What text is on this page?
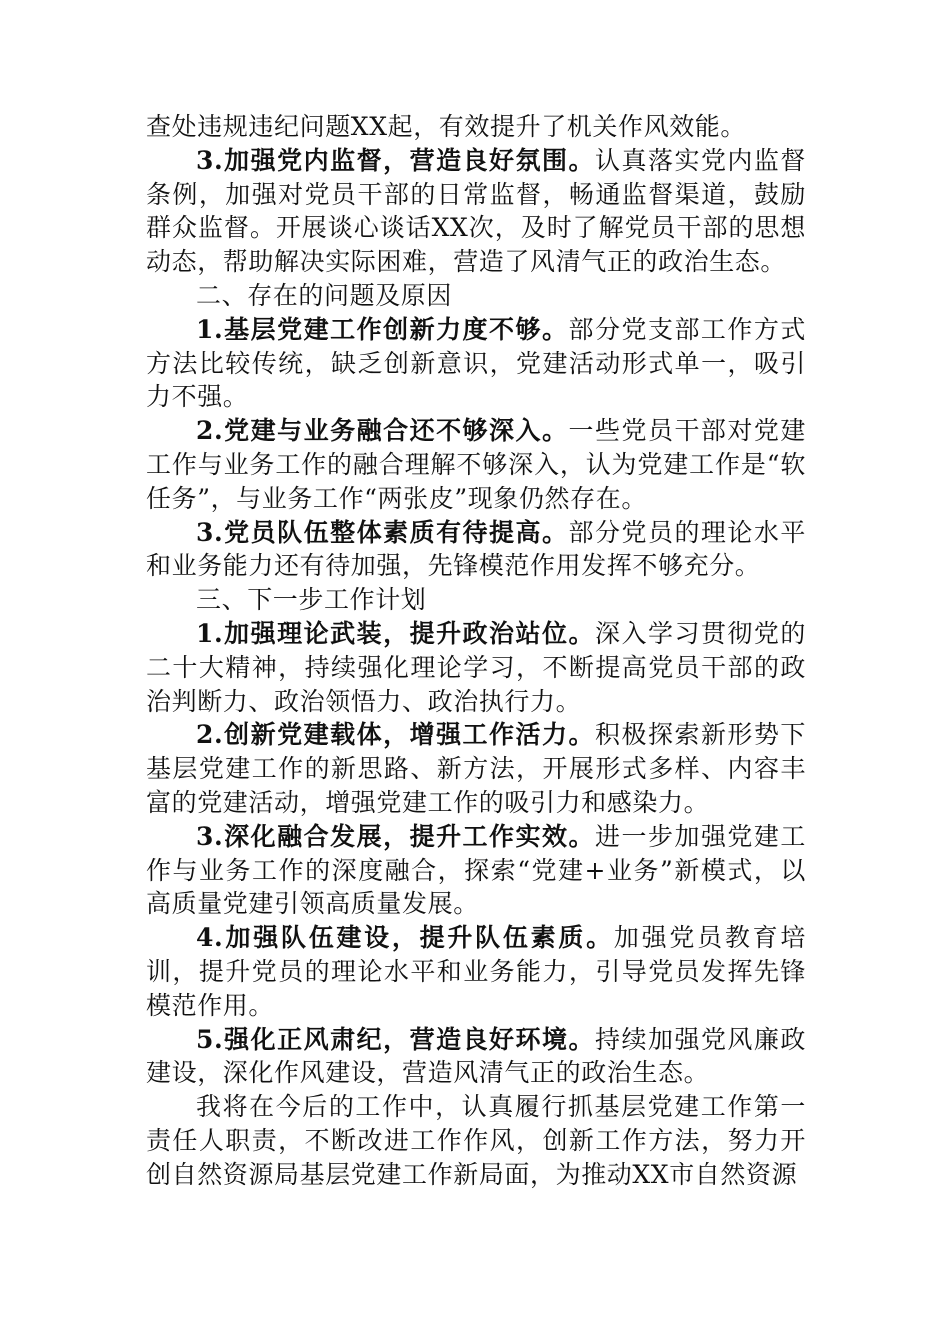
查处违规违纪问题XX起，有效提升了机关作风效能。

3.加强党内监督，营造良好氛围。认真落实党内监督条例，加强对党员干部的日常监督，畅通监督渠道，鼓励群众监督。开展谈心谈话XX次，及时了解党员干部的思想动态，帮助解决实际困难，营造了风清气正的政治生态。

二、存在的问题及原因

1.基层党建工作创新力度不够。部分党支部工作方式方法比较传统，缺乏创新意识，党建活动形式单一，吸引力不强。

2.党建与业务融合还不够深入。一些党员干部对党建工作与业务工作的融合理解不够深入，认为党建工作是“软任务”，与业务工作“两张皮”现象仍然存在。

3.党员队伍整体素质有待提高。部分党员的理论水平和业务能力还有待加强，先锋模范作用发挥不够充分。

三、下一步工作计划

1.加强理论武装，提升政治站位。深入学习贯彻党的二十大精神，持续强化理论学习，不断提高党员干部的政治判断力、政治领悟力、政治执行力。

2.创新党建载体，增强工作活力。积极探索新形势下基层党建工作的新思路、新方法，开展形式多样、内容丰富的党建活动，增强党建工作的吸引力和感染力。

3.深化融合发展，提升工作实效。进一步加强党建工作与业务工作的深度融合，探索“党建+业务”新模式，以高质量党建引领高质量发展。

4.加强队伍建设，提升队伍素质。加强党员教育培训，提升党员的理论水平和业务能力，引导党员发挥先锋模范作用。

5.强化正风肃纪，营造良好环境。持续加强党风廉政建设，深化作风建设，营造风清气正的政治生态。

我将在今后的工作中，认真履行抓基层党建工作第一责任人职责，不断改进工作作风，创新工作方法，努力开创自然资源局基层党建工作新局面，为推动XX市自然资源
